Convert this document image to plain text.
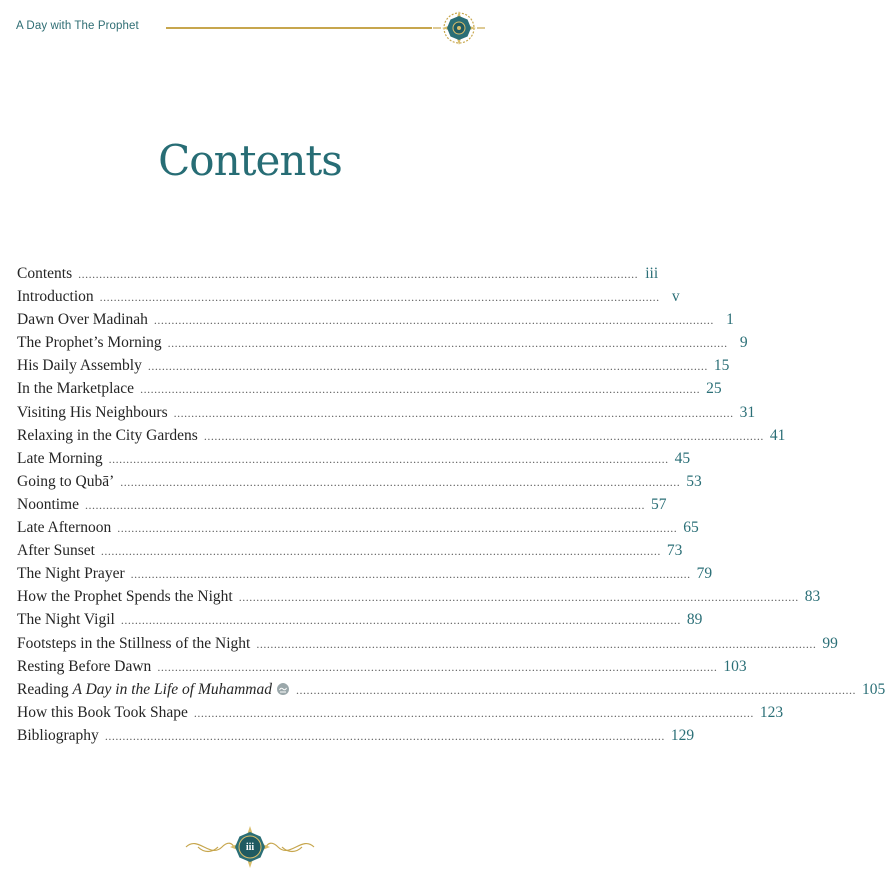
A Day with The Prophet
Contents
Contents ................................................................................................................................................................ iii
Introduction ................................................................................................................................................................ v
Dawn Over Madinah ................................................................................................................................................................ 1
The Prophet’s Morning ................................................................................................................................................................ 9
His Daily Assembly ................................................................................................................................................................ 15
In the Marketplace ................................................................................................................................................................ 25
Visiting His Neighbours ................................................................................................................................................................ 31
Relaxing in the City Gardens ................................................................................................................................................................ 41
Late Morning ................................................................................................................................................................ 45
Going to Qubā’ ................................................................................................................................................................ 53
Noontime ................................................................................................................................................................ 57
Late Afternoon ................................................................................................................................................................ 65
After Sunset ................................................................................................................................................................ 73
The Night Prayer ................................................................................................................................................................ 79
How the Prophet Spends the Night ................................................................................................................................................................ 83
The Night Vigil ................................................................................................................................................................ 89
Footsteps in the Stillness of the Night ................................................................................................................................................................ 99
Resting Before Dawn ................................................................................................................................................................ 103
Reading A Day in the Life of Muhammad	................................................................................................................................................................ 105
How this Book Took Shape ................................................................................................................................................................ 123
Bibliography ................................................................................................................................................................ 129
iii
